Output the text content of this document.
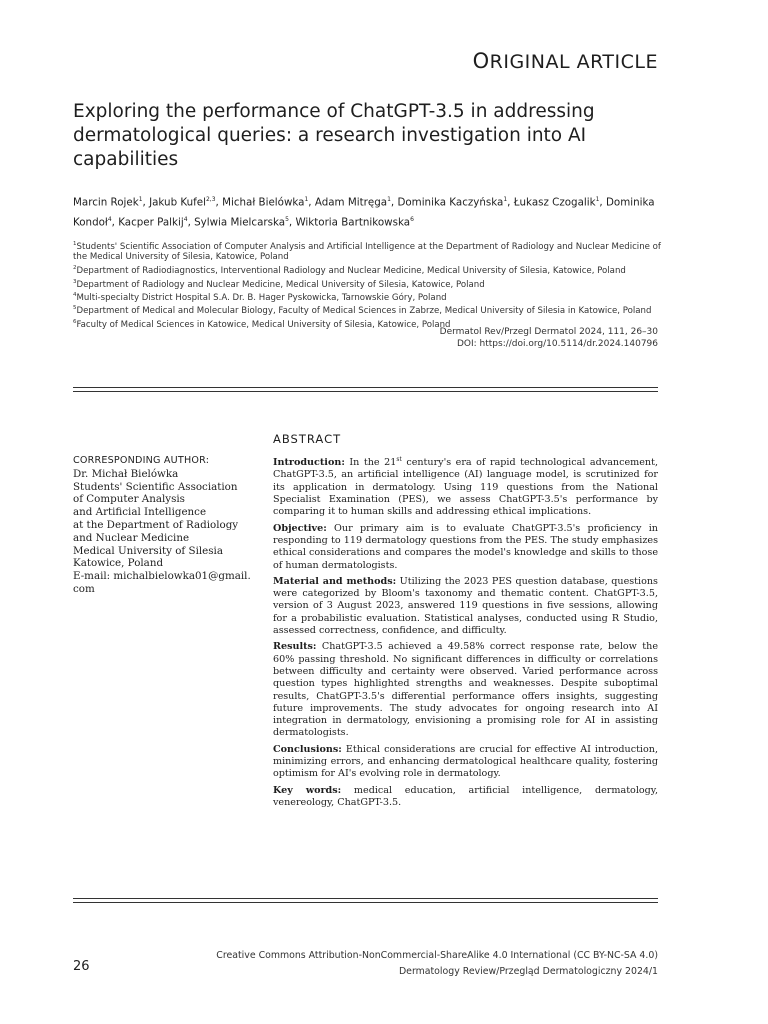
ORIGINAL ARTICLE
Exploring the performance of ChatGPT-3.5 in addressing dermatological queries: a research investigation into AI capabilities
Marcin Rojek$^1$, Jakub Kufel$^{2,3}$, Michał Bielówka$^1$, Adam Mitręga$^1$, Dominika Kaczyńska$^1$, Łukasz Czogalik$^1$, Dominika Kondoł$^4$, Kacper Palkij$^4$, Sylwia Mielcarska$^5$, Wiktoria Bartnikowska$^6$

$^1$Students' Scientific Association of Computer Analysis and Artificial Intelligence at the Department of Radiology and Nuclear Medicine of the Medical University of Silesia, Katowice, Poland

$^2$Department of Radiodiagnostics, Interventional Radiology and Nuclear Medicine, Medical University of Silesia, Katowice, Poland

$^3$Department of Radiology and Nuclear Medicine, Medical University of Silesia, Katowice, Poland

$^4$Multi-specialty District Hospital S.A. Dr. B. Hager Pyskowicka, Tarnowskie Góry, Poland

$^5$Department of Medical and Molecular Biology, Faculty of Medical Sciences in Zabrze, Medical University of Silesia in Katowice, Poland

$^6$Faculty of Medical Sciences in Katowice, Medical University of Silesia, Katowice, Poland

Dermatol Rev/Przegl Dermatol 2024, 111, 26–30

DOI: https://doi.org/10.5114/dr.2024.140796

CORRESPONDING AUTHOR:

Dr. Michał Bielówka

Students' Scientific Association

of Computer Analysis

and Artificial Intelligence

at the Department of Radiology

and Nuclear Medicine

Medical University of Silesia

Katowice, Poland

E-mail: michalbielowka01@gmail.

com

ABSTRACT

Introduction: In the 21st century's era of rapid technological advancement, ChatGPT-3.5, an artificial intelligence (AI) language model, is scrutinized for its application in dermatology. Using 119 questions from the National Specialist Examination (PES), we assess ChatGPT-3.5's performance by comparing it to human skills and addressing ethical implications.

Objective: Our primary aim is to evaluate ChatGPT-3.5's proficiency in responding to 119 dermatology questions from the PES. The study emphasizes ethical considerations and compares the model's knowledge and skills to those of human dermatologists.

Material and methods: Utilizing the 2023 PES question database, questions were categorized by Bloom's taxonomy and thematic content. ChatGPT-3.5, version of 3 August 2023, answered 119 questions in five sessions, allowing for a probabilistic evaluation. Statistical analyses, conducted using R Studio, assessed correctness, confidence, and difficulty.

Results: ChatGPT-3.5 achieved a 49.58% correct response rate, below the 60% passing threshold. No significant differences in difficulty or correlations between difficulty and certainty were observed. Varied performance across question types highlighted strengths and weaknesses. Despite suboptimal results, ChatGPT-3.5's differential performance offers insights, suggesting future improvements. The study advocates for ongoing research into AI integration in dermatology, envisioning a promising role for AI in assisting dermatologists.

Conclusions: Ethical considerations are crucial for effective AI introduction, minimizing errors, and enhancing dermatological healthcare quality, fostering optimism for AI's evolving role in dermatology.

Key words: medical education, artificial intelligence, dermatology, venereology, ChatGPT-3.5.

26

Creative Commons Attribution-NonCommercial-ShareAlike 4.0 International (CC BY-NC-SA 4.0)

Dermatology Review/Przegląd Dermatologiczny 2024/1
